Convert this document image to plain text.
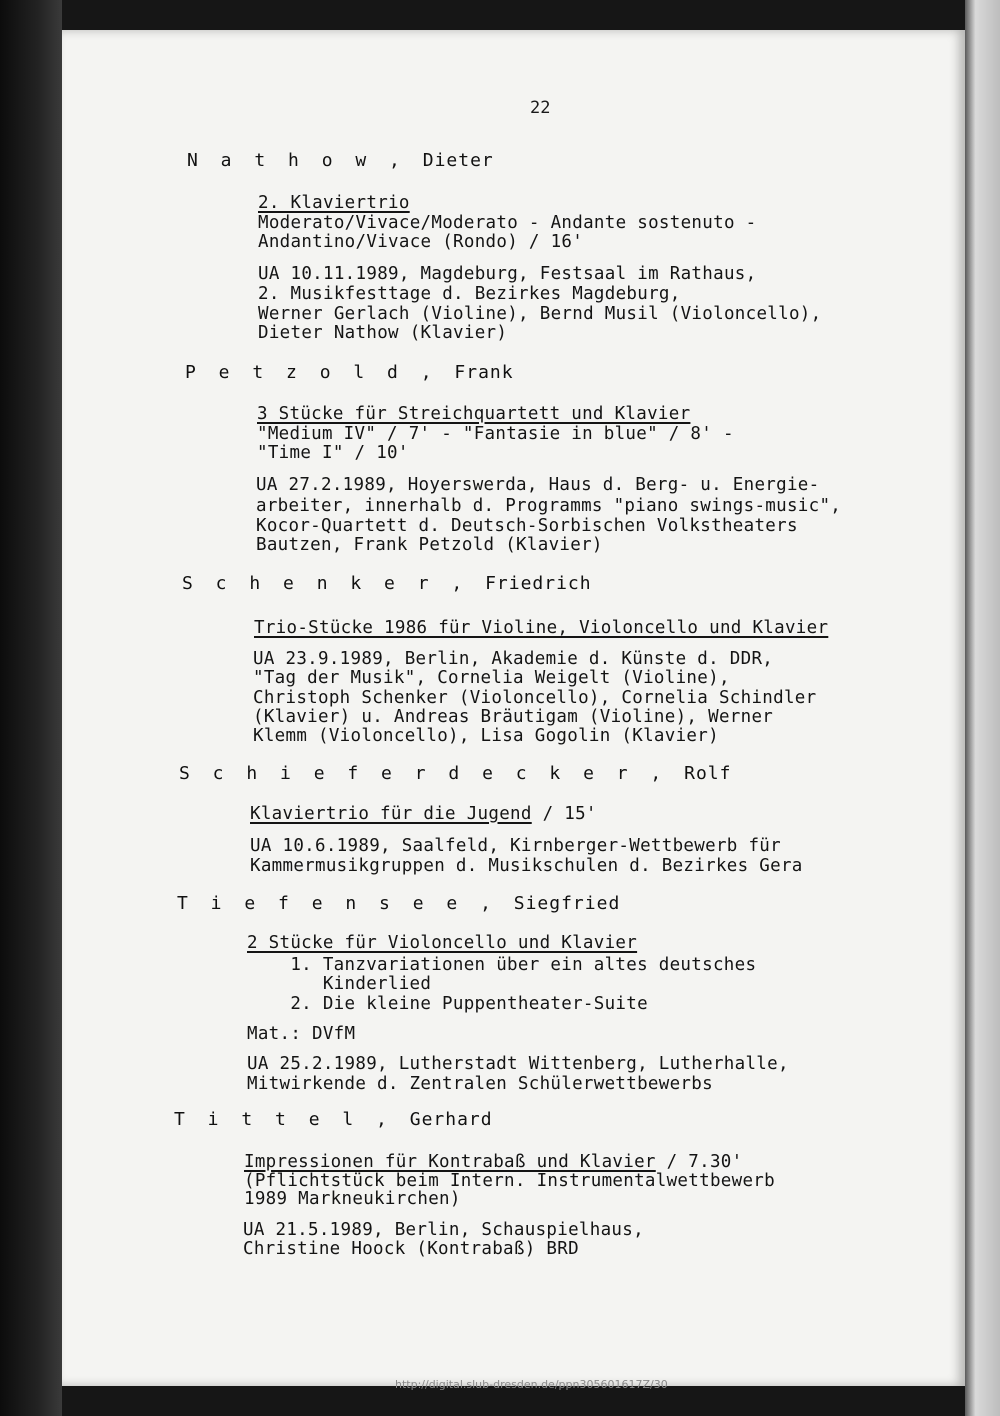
22
N a t h o w , Dieter
2. Klaviertrio
Moderato/Vivace/Moderato - Andante sostenuto -
Andantino/Vivace (Rondo) / 16'
UA 10.11.1989, Magdeburg, Festsaal im Rathaus,
2. Musikfesttage d. Bezirkes Magdeburg,
Werner Gerlach (Violine), Bernd Musil (Violoncello),
Dieter Nathow (Klavier)
P e t z o l d , Frank
3 Stücke für Streichquartett und Klavier
"Medium IV" / 7' - "Fantasie in blue" / 8' -
"Time I" / 10'
UA 27.2.1989, Hoyerswerda, Haus d. Berg- u. Energie-
arbeiter, innerhalb d. Programms "piano swings-music",
Kocor-Quartett d. Deutsch-Sorbischen Volkstheaters
Bautzen, Frank Petzold (Klavier)
S c h e n k e r , Friedrich
Trio-Stücke 1986 für Violine, Violoncello und Klavier
UA 23.9.1989, Berlin, Akademie d. Künste d. DDR,
"Tag der Musik", Cornelia Weigelt (Violine),
Christoph Schenker (Violoncello), Cornelia Schindler
(Klavier) u. Andreas Bräutigam (Violine), Werner
Klemm (Violoncello), Lisa Gogolin (Klavier)
S c h i e f e r d e c k e r , Rolf
Klaviertrio für die Jugend / 15'
UA 10.6.1989, Saalfeld, Kirnberger-Wettbewerb für
Kammermusikgruppen d. Musikschulen d. Bezirkes Gera
T i e f e n s e e , Siegfried
2 Stücke für Violoncello und Klavier
1. Tanzvariationen über ein altes deutsches
Kinderlied
2. Die kleine Puppentheater-Suite
Mat.: DVfM
UA 25.2.1989, Lutherstadt Wittenberg, Lutherhalle,
Mitwirkende d. Zentralen Schülerwettbewerbs
T i t t e l , Gerhard
Impressionen für Kontrabaß und Klavier / 7.30'
(Pflichtstück beim Intern. Instrumentalwettbewerb
1989 Markneukirchen)
UA 21.5.1989, Berlin, Schauspielhaus,
Christine Hoock (Kontrabaß) BRD
http://digital.slub-dresden.de/ppn305601617Z/30
